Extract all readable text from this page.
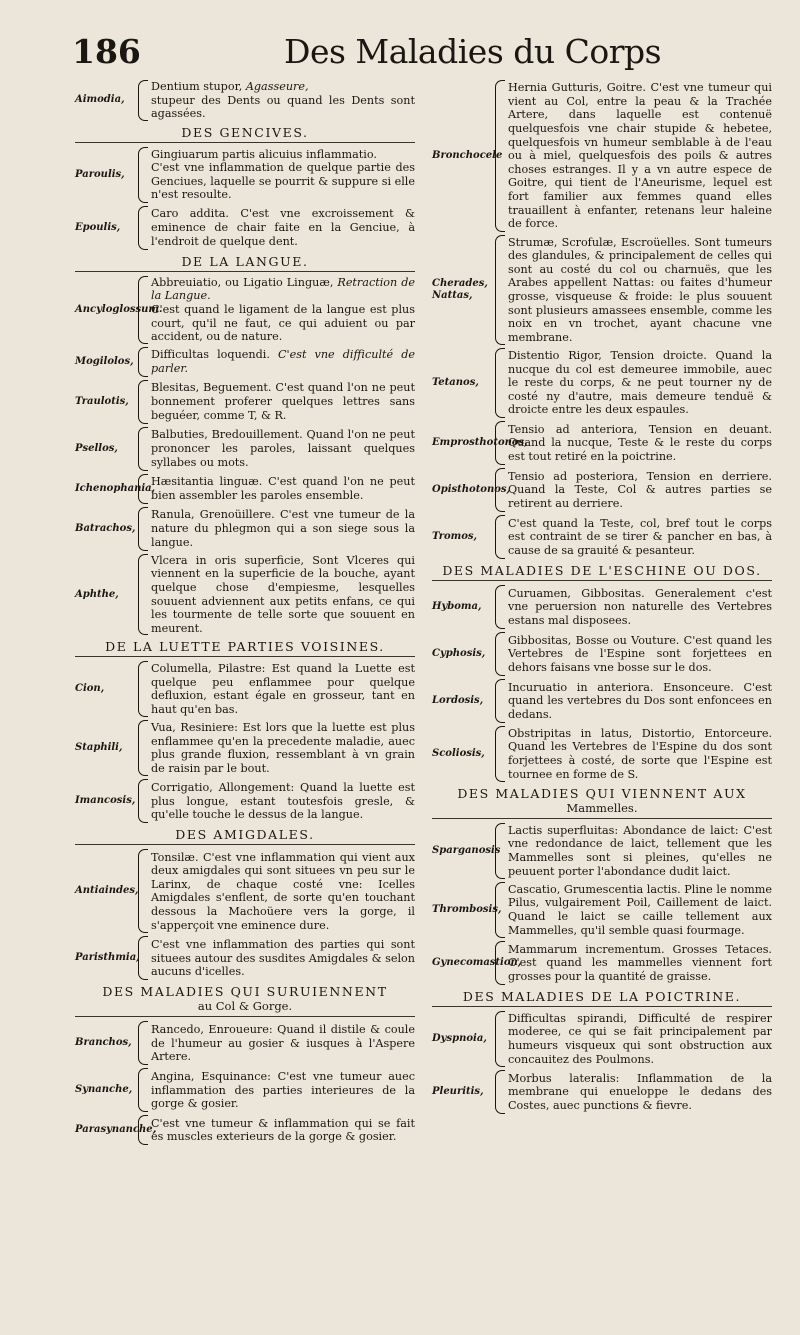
186	Des Maladies du Corps
Aimodia,
Dentium stupor, Agasseure,
stupeur des Dents ou quand les Dents sont agassées.
DES GENCIVES.
Paroulis,
Gingiuarum partis alicuius inflammatio.
C'est vne inflammation de quelque partie des Genciues, laquelle se pourrit & suppure si elle n'est resoulte.
Epoulis,
Caro addita. C'est vne excroissement & eminence de chair faite en la Genciue, à l'endroit de quelque dent.
DE LA LANGUE.
Ancyloglossum.
Abbreuiatio, ou Ligatio Linguæ, Retraction de la Langue.
C'est quand le ligament de la langue est plus court, qu'il ne faut, ce qui aduient ou par accident, ou de nature.
Mogilolos,
Difficultas loquendi. C'est vne difficulté de parler.
Traulotis,
Blesitas, Beguement. C'est quand l'on ne peut bonnement proferer quelques lettres sans beguéer, comme T, & R.
Psellos,
Balbuties, Bredouillement. Quand l'on ne peut prononcer les paroles, laissant quelques syllabes ou mots.
Ichenophania,
Hæsitantia linguæ. C'est quand l'on ne peut bien assembler les paroles ensemble.
Batrachos,
Ranula, Grenoüillere. C'est vne tumeur de la nature du phlegmon qui a son siege sous la langue.
Aphthe,
Vlcera in oris superficie, Sont Vlceres qui viennent en la superficie de la bouche, ayant quelque chose d'empiesme, lesquelles souuent adviennent aux petits enfans, ce qui les tourmente de telle sorte que souuent en meurent.
DE LA LUETTE PARTIES VOISINES.
Cion,
Columella, Pilastre: Est quand la Luette est quelque peu enflammee pour quelque defluxion, estant égale en grosseur, tant en haut qu'en bas.
Staphili,
Vua, Resiniere: Est lors que la luette est plus enflammee qu'en la precedente maladie, auec plus grande fluxion, ressemblant à vn grain de raisin par le bout.
Imancosis,
Corrigatio, Allongement: Quand la luette est plus longue, estant toutesfois gresle, & qu'elle touche le dessus de la langue.
DES AMIGDALES.
Antiaindes,
Tonsilæ. C'est vne inflammation qui vient aux deux amigdales qui sont situees vn peu sur le Larinx, de chaque costé vne: Icelles Amigdales s'enflent, de sorte qu'en touchant dessous la Machoüere vers la gorge, il s'apperçoit vne eminence dure.
Paristhmia,
C'est vne inflammation des parties qui sont situees autour des susdites Amigdales & selon aucuns d'icelles.
DES MALADIES QUI SURUIENNENT
au Col & Gorge.
Branchos,
Rancedo, Enroueure: Quand il distile & coule de l'humeur au gosier & iusques à l'Aspere Artere.
Synanche,
Angina, Esquinance: C'est vne tumeur auec inflammation des parties interieures de la gorge & gosier.
Parasynanche,
C'est vne tumeur & inflammation qui se fait és muscles exterieurs de la gorge & gosier.
Bronchocele
Hernia Gutturis, Goitre. C'est vne tumeur qui vient au Col, entre la peau & la Trachée Artere, dans laquelle est contenuë quelquesfois vne chair stupide & hebetee, quelquesfois vn humeur semblable à de l'eau ou à miel, quelquesfois des poils & autres choses estranges. Il y a vn autre espece de Goitre, qui tient de l'Aneurisme, lequel est fort familier aux femmes quand elles trauaillent à enfanter, retenans leur haleine de force.
Cherades, Nattas,
Strumæ, Scrofulæ, Escroüelles. Sont tumeurs des glandules, & principalement de celles qui sont au costé du col ou charnuës, que les Arabes appellent Nattas: ou faites d'humeur grosse, visqueuse & froide: le plus souuent sont plusieurs amassees ensemble, comme les noix en vn trochet, ayant chacune vne membrane.
Tetanos,
Distentio Rigor, Tension droicte. Quand la nucque du col est demeuree immobile, auec le reste du corps, & ne peut tourner ny de costé ny d'autre, mais demeure tenduë & droicte entre les deux espaules.
Emprosthotonos,
Tensio ad anteriora, Tension en deuant. Quand la nucque, Teste & le reste du corps est tout retiré en la poictrine.
Opisthotonos,
Tensio ad posteriora, Tension en derriere. Quand la Teste, Col & autres parties se retirent au derriere.
Tromos,
C'est quand la Teste, col, bref tout le corps est contraint de se tirer & pancher en bas, à cause de sa grauité & pesanteur.
DES MALADIES DE L'ESCHINE OU DOS.
Hyboma,
Curuamen, Gibbositas. Generalement c'est vne peruersion non naturelle des Vertebres estans mal disposees.
Cyphosis,
Gibbositas, Bosse ou Vouture. C'est quand les Vertebres de l'Espine sont forjettees en dehors faisans vne bosse sur le dos.
Lordosis,
Incuruatio in anteriora. Ensonceure. C'est quand les vertebres du Dos sont enfoncees en dedans.
Scoliosis,
Obstripitas in latus, Distortio, Entorceure. Quand les Vertebres de l'Espine du dos sont forjettees à costé, de sorte que l'Espine est tournee en forme de S.
DES MALADIES QUI VIENNENT AUX
Mammelles.
Sparganosis
Lactis superfluitas: Abondance de laict: C'est vne redondance de laict, tellement que les Mammelles sont si pleines, qu'elles ne peuuent porter l'abondance dudit laict.
Thrombosis,
Cascatio, Grumescentia lactis. Pline le nomme Pilus, vulgairement Poil, Caillement de laict. Quand le laict se caille tellement aux Mammelles, qu'il semble quasi fourmage.
Gynecomastion,
Mammarum incrementum. Grosses Tetaces. C'est quand les mammelles viennent fort grosses pour la quantité de graisse.
DES MALADIES DE LA POICTRINE.
Dyspnoia,
Difficultas spirandi, Difficulté de respirer moderee, ce qui se fait principalement par humeurs visqueux qui sont obstruction aux concauitez des Poulmons.
Pleuritis,
Morbus lateralis: Inflammation de la membrane qui enueloppe le dedans des Costes, auec punctions & fievre.
